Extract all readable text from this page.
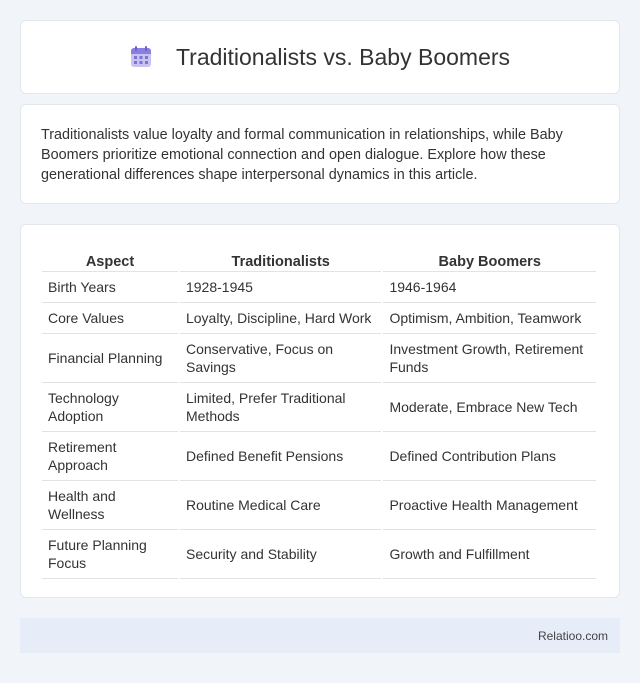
Traditionalists vs. Baby Boomers

Traditionalists value loyalty and formal communication in relationships, while Baby Boomers prioritize emotional connection and open dialogue. Explore how these generational differences shape interpersonal dynamics in this article.

Aspect	Traditionalists	Baby Boomers
Birth Years	1928-1945	1946-1964
Core Values	Loyalty, Discipline, Hard Work	Optimism, Ambition, Teamwork
Financial Planning	Conservative, Focus on Savings	Investment Growth, Retirement Funds
Technology Adoption	Limited, Prefer Traditional Methods	Moderate, Embrace New Tech
Retirement Approach	Defined Benefit Pensions	Defined Contribution Plans
Health and Wellness	Routine Medical Care	Proactive Health Management
Future Planning Focus	Security and Stability	Growth and Fulfillment
Relatioo.com
